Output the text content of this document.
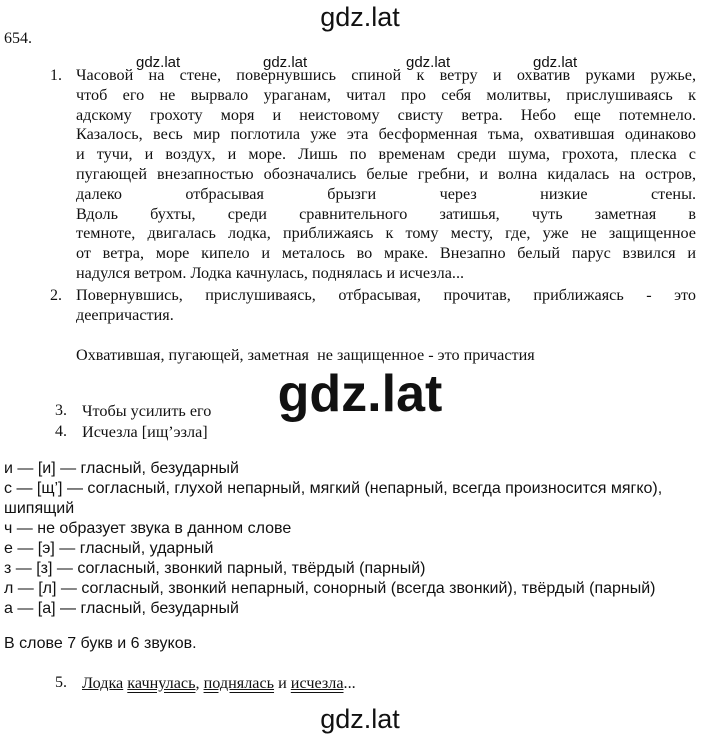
gdz.lat
gdz.lat	gdz.lat	gdz.lat	gdz.lat
654.
1. Часовой на стене, повернувшись спиной к ветру и охватив руками ружье,
чтоб его не вырвало ураганам, читал про себя молитвы, прислушиваясь к
адскому грохоту моря и неистовому свисту ветра. Небо еще потемнело.
Казалось, весь мир поглотила уже эта бесформенная тьма, охватившая одинаково
и тучи, и воздух, и море. Лишь по временам среди шума, грохота, плеска с
пугающей внезапностью обозначались белые гребни, и волна кидалась на остров,
далеко отбрасывая брызги через низкие стены.
Вдоль бухты, среди сравнительного затишья, чуть заметная в
темноте, двигалась лодка, приближаясь к тому месту, где, уже не защищенное
от ветра, море кипело и металось во мраке. Внезапно белый парус взвился и
надулся ветром. Лодка качнулась, поднялась и исчезла...
2. Повернувшись, прислушиваясь, отбрасывая, прочитав, приближаясь - это
деепричастия.
Охватившая, пугающей, заметная  не защищенное - это причастия
gdz.lat
3. Чтобы усилить его
4. Исчезла [ищ’эзла]
и — [и] — гласный, безударный
с — [щ’] — согласный, глухой непарный, мягкий (непарный, всегда произносится мягко),
шипящий
ч — не образует звука в данном слове
е — [э] — гласный, ударный
з — [з] — согласный, звонкий парный, твёрдый (парный)
л — [л] — согласный, звонкий непарный, сонорный (всегда звонкий), твёрдый (парный)
а — [а] — гласный, безударный
В слове 7 букв и 6 звуков.
5. Лодка качнулась, поднялась и исчезла...
gdz.lat
